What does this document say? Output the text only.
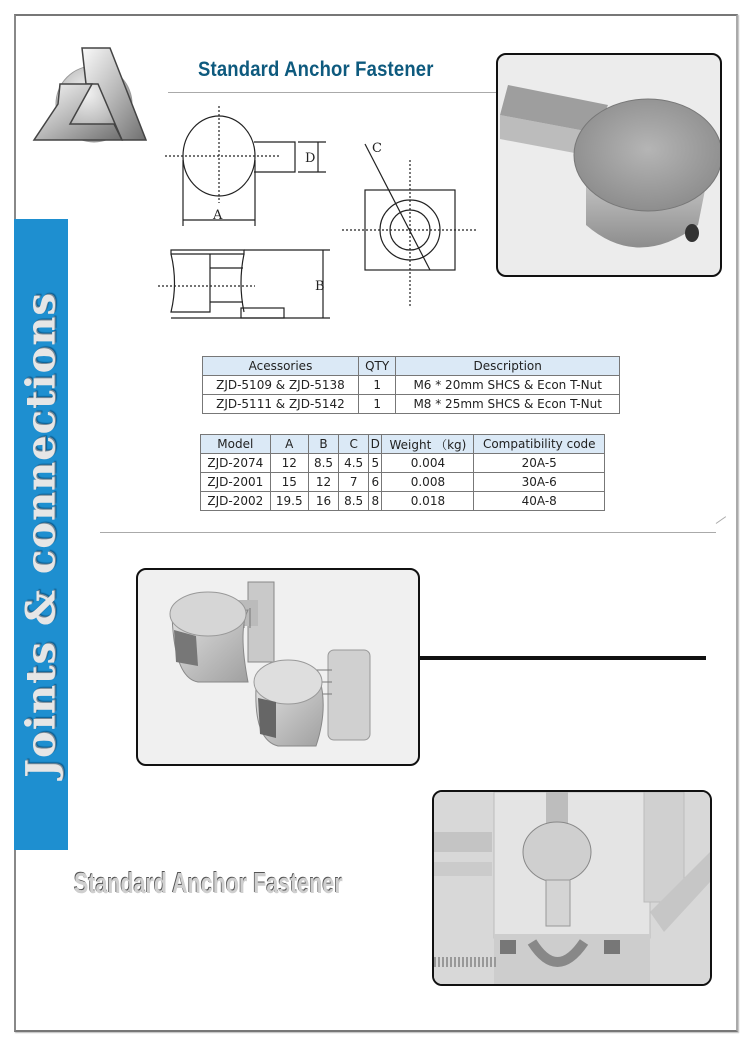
Standard Anchor Fastener
D
A
B
C
Acessories	QTY	Description
ZJD-5109 & ZJD-5138	1	M6 * 20mm SHCS & Econ T-Nut
ZJD-5111 & ZJD-5142	1	M8 * 25mm SHCS & Econ T-Nut
Model	A	B	C	D	Weight （kg)	Compatibility code
ZJD-2074	12	8.5	4.5	5	0.004	20A-5
ZJD-2001	15	12	7	6	0.008	30A-6
ZJD-2002	19.5	16	8.5	8	0.018	40A-8
Joints & connections
Standard Anchor Fastener
